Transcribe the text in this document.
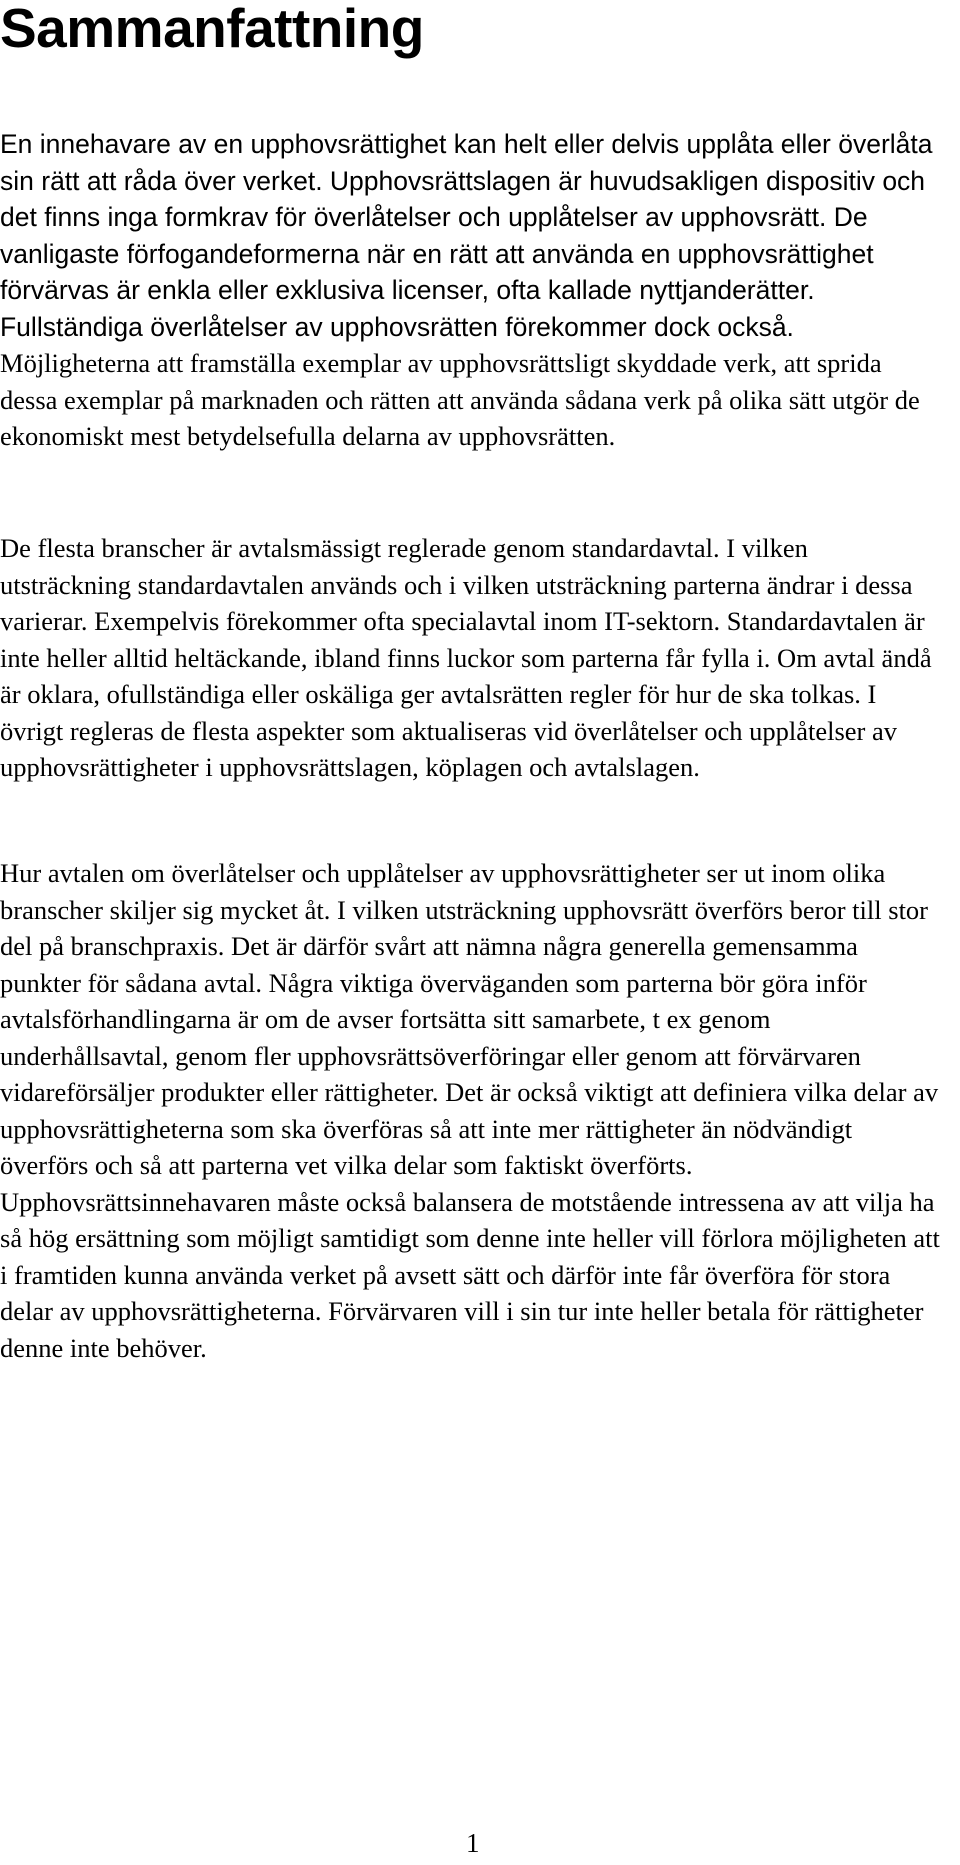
Sammanfattning

En innehavare av en upphovsrättighet kan helt eller delvis upplåta eller överlåta sin rätt att råda över verket. Upphovsrättslagen är huvudsakligen dispositiv och det finns inga formkrav för överlåtelser och upplåtelser av upphovsrätt. De vanligaste förfogandeformerna när en rätt att använda en upphovsrättighet förvärvas är enkla eller exklusiva licenser, ofta kallade nyttjanderätter. Fullständiga överlåtelser av upphovsrätten förekommer dock också. Möjligheterna att framställa exemplar av upphovsrättsligt skyddade verk, att sprida dessa exemplar på marknaden och rätten att använda sådana verk på olika sätt utgör de ekonomiskt mest betydelsefulla delarna av upphovsrätten.

De flesta branscher är avtalsmässigt reglerade genom standardavtal. I vilken utsträckning standardavtalen används och i vilken utsträckning parterna ändrar i dessa varierar. Exempelvis förekommer ofta specialavtal inom IT-sektorn. Standardavtalen är inte heller alltid heltäckande, ibland finns luckor som parterna får fylla i. Om avtal ändå är oklara, ofullständiga eller oskäliga ger avtalsrätten regler för hur de ska tolkas. I övrigt regleras de flesta aspekter som aktualiseras vid överlåtelser och upplåtelser av upphovsrättigheter i upphovsrättslagen, köplagen och avtalslagen.

Hur avtalen om överlåtelser och upplåtelser av upphovsrättigheter ser ut inom olika branscher skiljer sig mycket åt. I vilken utsträckning upphovsrätt överförs beror till stor del på branschpraxis. Det är därför svårt att nämna några generella gemensamma punkter för sådana avtal. Några viktiga överväganden som parterna bör göra inför avtalsförhandlingarna är om de avser fortsätta sitt samarbete, t ex genom underhållsavtal, genom fler upphovsrättsöverföringar eller genom att förvärvaren vidareförsäljer produkter eller rättigheter. Det är också viktigt att definiera vilka delar av upphovsrättigheterna som ska överföras så att inte mer rättigheter än nödvändigt överförs och så att parterna vet vilka delar som faktiskt överförts. Upphovsrättsinnehavaren måste också balansera de motstående intressena av att vilja ha så hög ersättning som möjligt samtidigt som denne inte heller vill förlora möjligheten att i framtiden kunna använda verket på avsett sätt och därför inte får överföra för stora delar av upphovsrättigheterna. Förvärvaren vill i sin tur inte heller betala för rättigheter denne inte behöver.

1
